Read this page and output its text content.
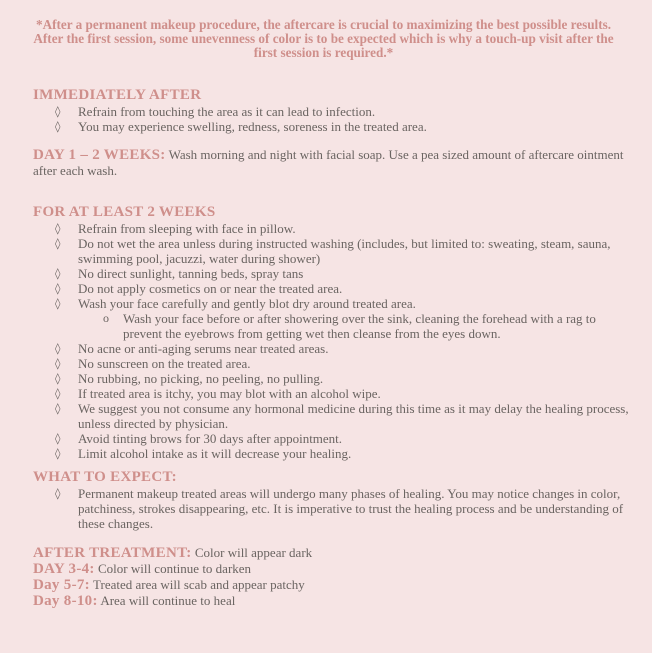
*After a permanent makeup procedure, the aftercare is crucial to maximizing the best possible results. After the first session, some unevenness of color is to be expected which is why a touch-up visit after the first session is required.*
IMMEDIATELY AFTER
◊ Refrain from touching the area as it can lead to infection.
◊ You may experience swelling, redness, soreness in the treated area.
DAY 1 – 2 WEEKS: Wash morning and night with facial soap. Use a pea sized amount of aftercare ointment after each wash.
FOR AT LEAST 2 WEEKS
◊ Refrain from sleeping with face in pillow.
◊ Do not wet the area unless during instructed washing (includes, but limited to: sweating, steam, sauna, swimming pool, jacuzzi, water during shower)
◊ No direct sunlight, tanning beds, spray tans
◊ Do not apply cosmetics on or near the treated area.
◊ Wash your face carefully and gently blot dry around treated area.
o Wash your face before or after showering over the sink, cleaning the forehead with a rag to prevent the eyebrows from getting wet then cleanse from the eyes down.
◊ No acne or anti-aging serums near treated areas.
◊ No sunscreen on the treated area.
◊ No rubbing, no picking, no peeling, no pulling.
◊ If treated area is itchy, you may blot with an alcohol wipe.
◊ We suggest you not consume any hormonal medicine during this time as it may delay the healing process, unless directed by physician.
◊ Avoid tinting brows for 30 days after appointment.
◊ Limit alcohol intake as it will decrease your healing.
WHAT TO EXPECT:
◊ Permanent makeup treated areas will undergo many phases of healing. You may notice changes in color, patchiness, strokes disappearing, etc. It is imperative to trust the healing process and be understanding of these changes.
AFTER TREATMENT: Color will appear dark
DAY 3-4: Color will continue to darken
Day 5-7: Treated area will scab and appear patchy
Day 8-10: Area will continue to heal
